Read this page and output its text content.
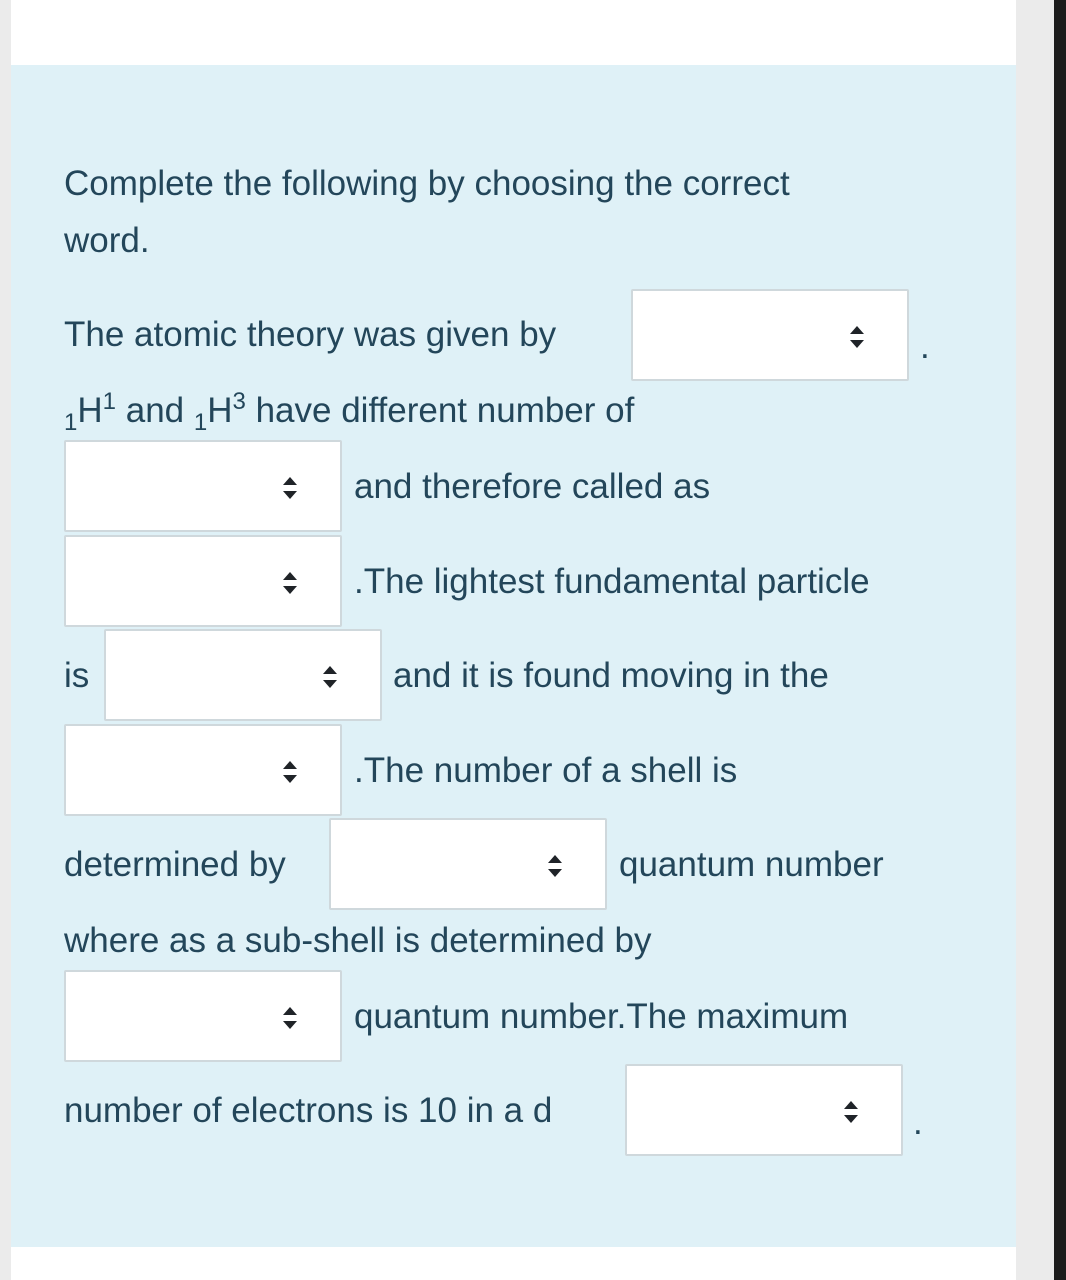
Complete the following by choosing the correct
word.
The atomic theory was given by	.
$_1H^1$ and $_1H^3$ have different number of
and therefore called as
.The lightest fundamental particle
is	and it is found moving in the
.The number of a shell is
determined by	quantum number
where as a sub-shell is determined by
quantum number.The maximum
number of electrons is 10 in a d	.
